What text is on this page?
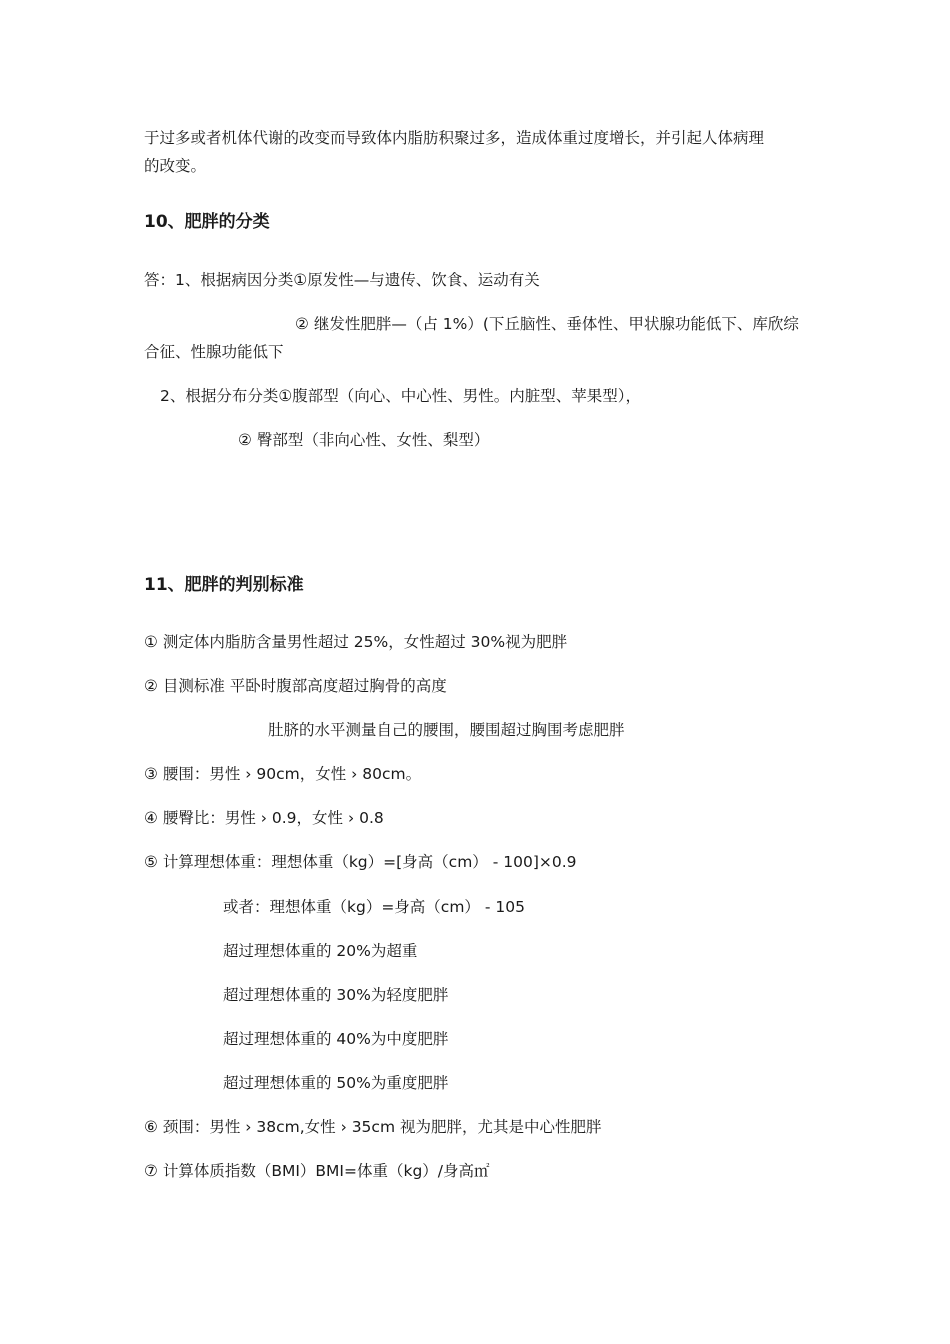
于过多或者机体代谢的改变而导致体内脂肪积聚过多，造成体重过度增长，并引起人体病理
的改变。
10、肥胖的分类
答：1、根据病因分类①原发性—与遗传、饮食、运动有关
② 继发性肥胖—（占 1%）(下丘脑性、垂体性、甲状腺功能低下、库欣综
合征、性腺功能低下
2、根据分布分类①腹部型（向心、中心性、男性。内脏型、苹果型），
② 臀部型（非向心性、女性、梨型）
11、肥胖的判别标准
① 测定体内脂肪含量男性超过 25%，女性超过 30%视为肥胖
② 目测标准 平卧时腹部高度超过胸骨的高度
肚脐的水平测量自己的腰围，腰围超过胸围考虑肥胖
③ 腰围：男性 › 90cm，女性 › 80cm。
④ 腰臀比：男性 › 0.9，女性 › 0.8
⑤ 计算理想体重：理想体重（kg）=[身高（cm） - 100]×0.9
或者：理想体重（kg）=身高（cm） - 105
超过理想体重的 20%为超重
超过理想体重的 30%为轻度肥胖
超过理想体重的 40%为中度肥胖
超过理想体重的 50%为重度肥胖
⑥ 颈围：男性 › 38cm,女性 › 35cm 视为肥胖，尤其是中心性肥胖
⑦ 计算体质指数（BMI）BMI=体重（kg）/身高㎡
